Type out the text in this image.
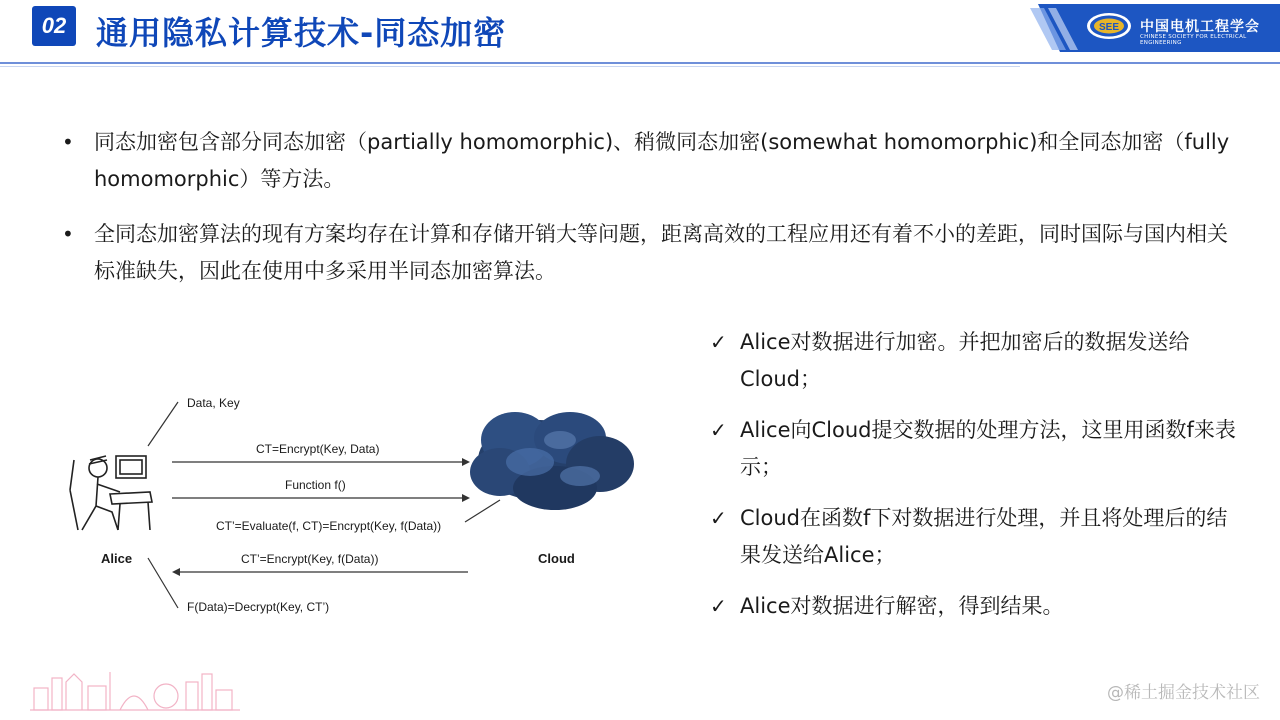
02 通用隐私计算技术-同态加密	SEE 中国电机工程学会
CHINESE SOCIETY FOR ELECTRICAL ENGINEERING
• 同态加密包含部分同态加密（partially homomorphic)、稍微同态加密(somewhat homomorphic)和全同态加密（fully homomorphic）等方法。
• 全同态加密算法的现有方案均存在计算和存储开销大等问题，距离高效的工程应用还有着不小的差距，同时国际与国内相关标准缺失，因此在使用中多采用半同态加密算法。
Data, Key
CT=Encrypt(Key, Data)
Function f()
CT’=Evaluate(f, CT)=Encrypt(Key, f(Data))
CT’=Encrypt(Key, f(Data))
F(Data)=Decrypt(Key, CT’)
Alice	Cloud
✓ Alice对数据进行加密。并把加密后的数据发送给Cloud；
✓ Alice向Cloud提交数据的处理方法，这里用函数f来表示；
✓ Cloud在函数f下对数据进行处理，并且将处理后的结果发送给Alice；
✓ Alice对数据进行解密，得到结果。
@稀土掘金技术社区
